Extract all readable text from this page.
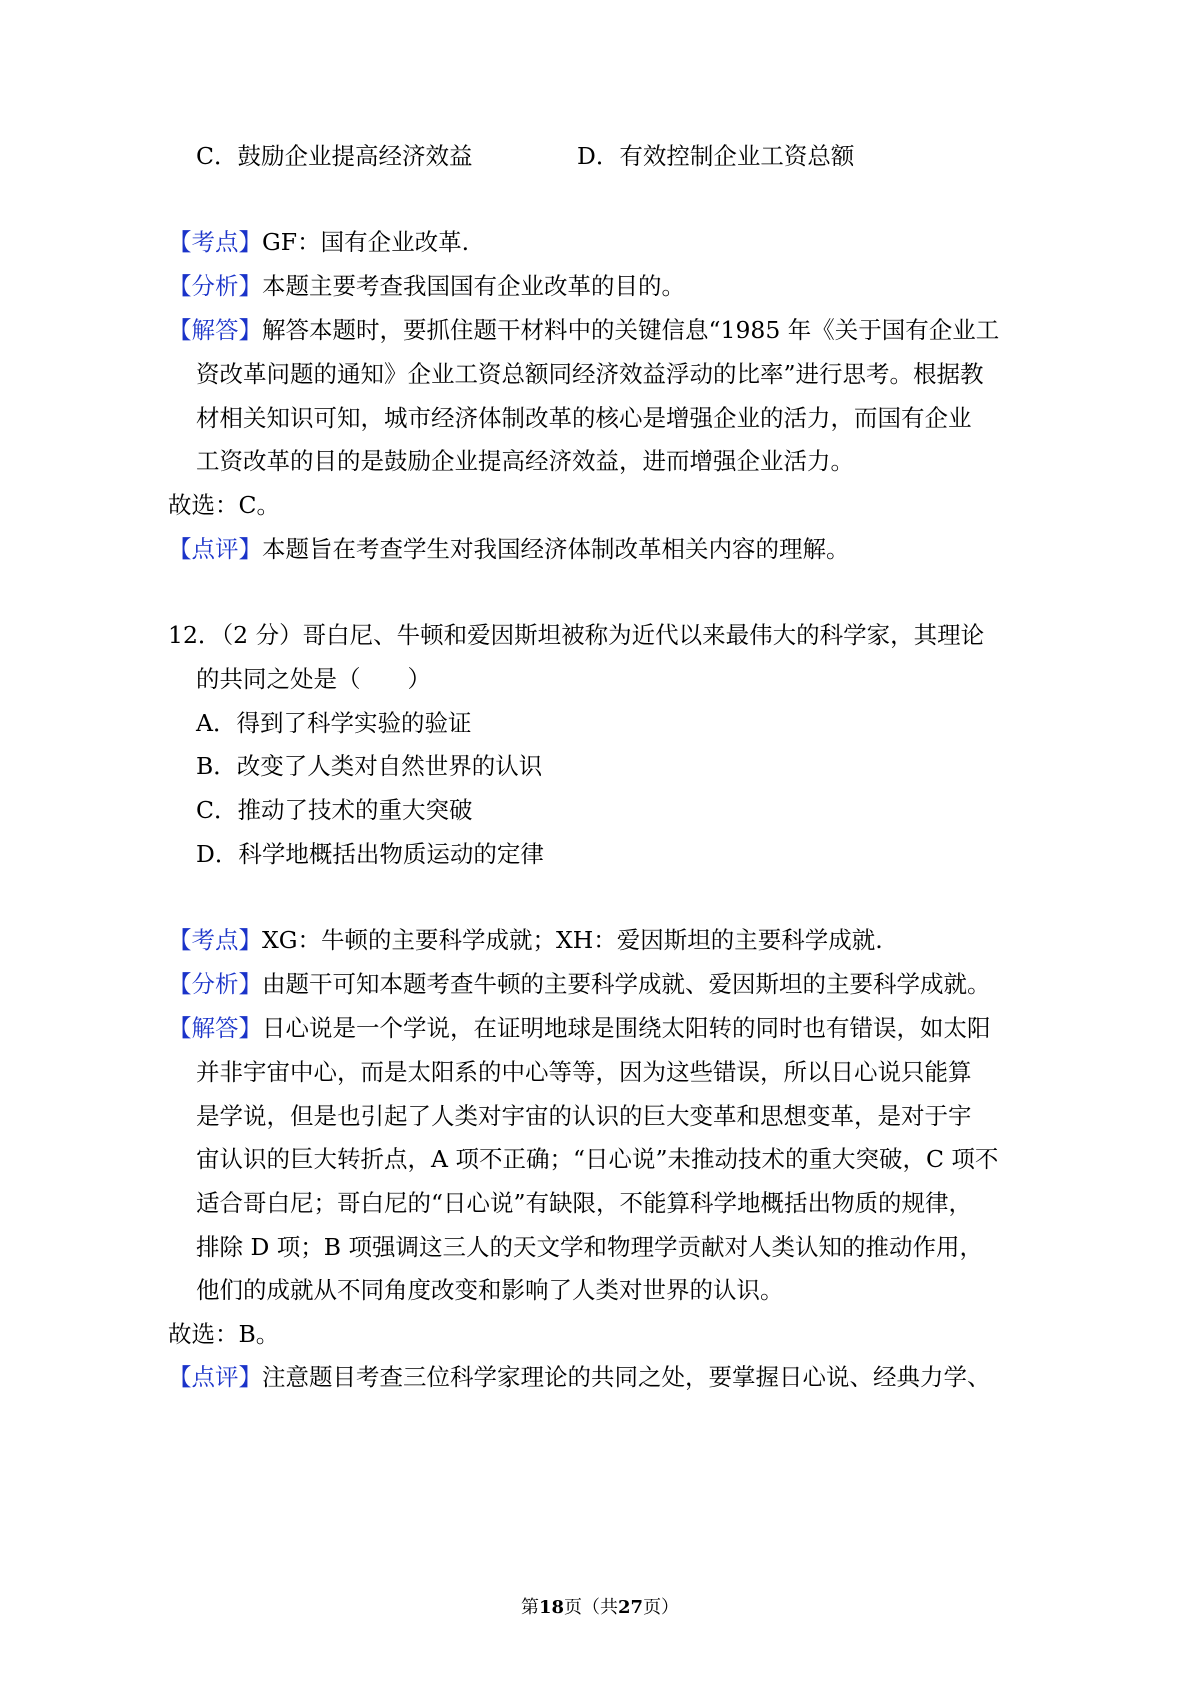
C．鼓励企业提高经济效益	D．有效控制企业工资总额
【考点】GF：国有企业改革.
【分析】本题主要考查我国国有企业改革的目的。
【解答】解答本题时，要抓住题干材料中的关键信息“1985 年《关于国有企业工
资改革问题的通知》企业工资总额同经济效益浮动的比率”进行思考。根据教
材相关知识可知，城市经济体制改革的核心是增强企业的活力，而国有企业
工资改革的目的是鼓励企业提高经济效益，进而增强企业活力。
故选：C。
【点评】本题旨在考查学生对我国经济体制改革相关内容的理解。
12．（2 分）哥白尼、牛顿和爱因斯坦被称为近代以来最伟大的科学家，其理论
的共同之处是（　　）
A．得到了科学实验的验证
B．改变了人类对自然世界的认识
C．推动了技术的重大突破
D．科学地概括出物质运动的定律
【考点】XG：牛顿的主要科学成就；XH：爱因斯坦的主要科学成就.
【分析】由题干可知本题考查牛顿的主要科学成就、爱因斯坦的主要科学成就。
【解答】日心说是一个学说，在证明地球是围绕太阳转的同时也有错误，如太阳
并非宇宙中心，而是太阳系的中心等等，因为这些错误，所以日心说只能算
是学说，但是也引起了人类对宇宙的认识的巨大变革和思想变革，是对于宇
宙认识的巨大转折点，A 项不正确；“日心说”未推动技术的重大突破，C 项不
适合哥白尼；哥白尼的“日心说”有缺限，不能算科学地概括出物质的规律，
排除 D 项；B 项强调这三人的天文学和物理学贡献对人类认知的推动作用，
他们的成就从不同角度改变和影响了人类对世界的认识。
故选：B。
【点评】注意题目考查三位科学家理论的共同之处，要掌握日心说、经典力学、
第18页（共27页）
